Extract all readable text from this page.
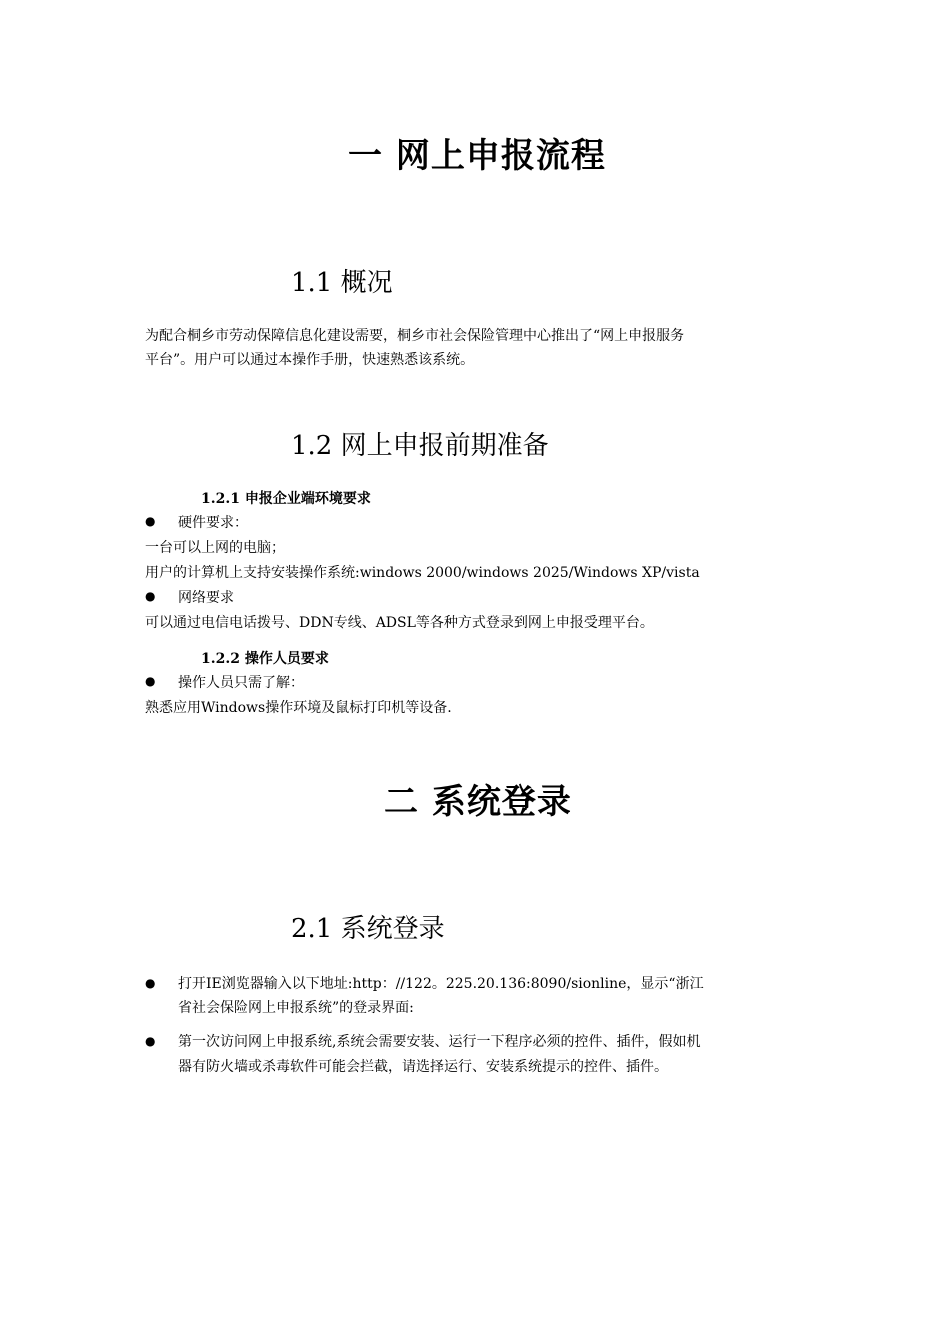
一 网上申报流程
1.1 概况
为配合桐乡市劳动保障信息化建设需要，桐乡市社会保险管理中心推出了“网上申报服务
平台”。用户可以通过本操作手册，快速熟悉该系统。
1.2 网上申报前期准备
1.2.1 申报企业端环境要求
● 硬件要求：
一台可以上网的电脑；
用户的计算机上支持安装操作系统:windows 2000/windows 2025/Windows XP/vista
● 网络要求
可以通过电信电话拨号、DDN专线、ADSL等各种方式登录到网上申报受理平台。
1.2.2 操作人员要求
● 操作人员只需了解：
熟悉应用Windows操作环境及鼠标打印机等设备.
二 系统登录
2.1 系统登录
● 打开IE浏览器输入以下地址:http：//122。225.20.136:8090/sionline，显示“浙江
省社会保险网上申报系统”的登录界面:
● 第一次访问网上申报系统,系统会需要安装、运行一下程序必须的控件、插件，假如机
器有防火墙或杀毒软件可能会拦截，请选择运行、安装系统提示的控件、插件。
